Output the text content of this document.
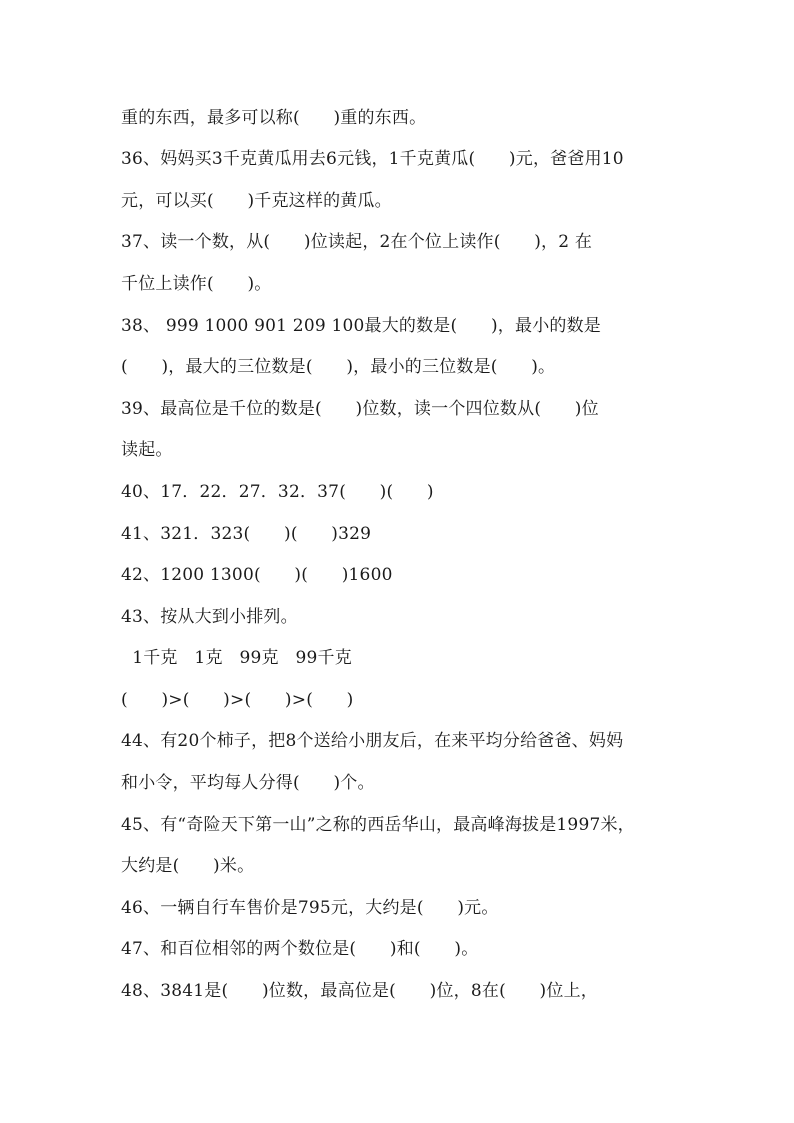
重的东西，最多可以称(      )重的东西。
36、妈妈买3千克黄瓜用去6元钱，1千克黄瓜(      )元，爸爸用10
元，可以买(      )千克这样的黄瓜。
37、读一个数，从(      )位读起，2在个位上读作(      )，2 在
千位上读作(      )。
38、 999 1000 901 209 100最大的数是(      )，最小的数是
(      )，最大的三位数是(      )，最小的三位数是(      )。
39、最高位是千位的数是(      )位数，读一个四位数从(      )位
读起。
40、17．22．27．32．37(      )(      )
41、321．323(      )(      )329
42、1200 1300(      )(      )1600
43、按从大到小排列。
1千克   1克   99克   99千克
(      )>(      )>(      )>(      )
44、有20个柿子，把8个送给小朋友后，在来平均分给爸爸、妈妈
和小令，平均每人分得(      )个。
45、有“奇险天下第一山”之称的西岳华山，最高峰海拔是1997米，
大约是(      )米。
46、一辆自行车售价是795元，大约是(      )元。
47、和百位相邻的两个数位是(      )和(      )。
48、3841是(      )位数，最高位是(      )位，8在(      )位上，
